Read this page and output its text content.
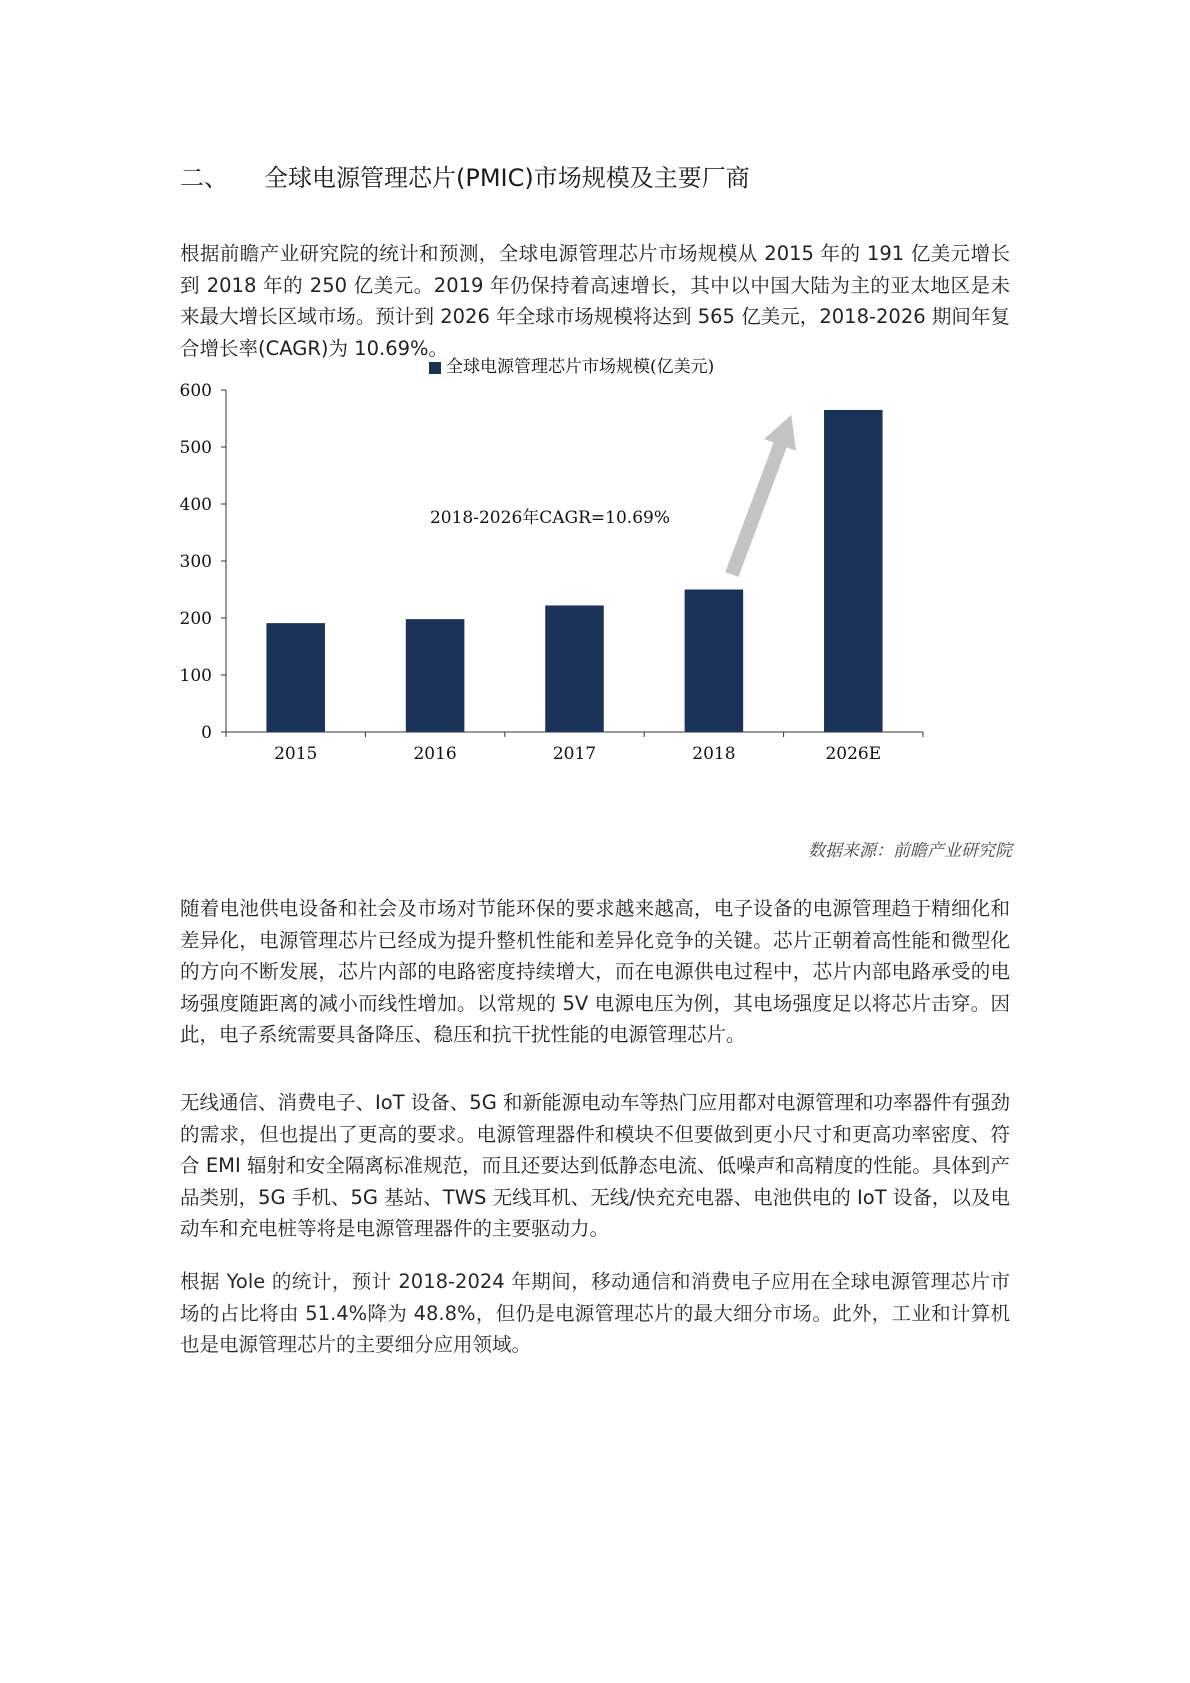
二、	全球电源管理芯片(PMIC)市场规模及主要厂商

根据前瞻产业研究院的统计和预测，全球电源管理芯片市场规模从 2015 年的 191 亿美元增长到 2018 年的 250 亿美元。2019 年仍保持着高速增长，其中以中国大陆为主的亚太地区是未来最大增长区域市场。预计到 2026 年全球市场规模将达到 565 亿美元，2018-2026 期间年复合增长率(CAGR)为 10.69%。

全球电源管理芯片市场规模(亿美元)
0
100
200
300
400
500
600
2015	2016	2017	2018	2026E
2018-2026年CAGR=10.69%
数据来源：前瞻产业研究院

随着电池供电设备和社会及市场对节能环保的要求越来越高，电子设备的电源管理趋于精细化和差异化，电源管理芯片已经成为提升整机性能和差异化竞争的关键。芯片正朝着高性能和微型化的方向不断发展，芯片内部的电路密度持续增大，而在电源供电过程中，芯片内部电路承受的电场强度随距离的减小而线性增加。以常规的 5V 电源电压为例，其电场强度足以将芯片击穿。因此，电子系统需要具备降压、稳压和抗干扰性能的电源管理芯片。

无线通信、消费电子、IoT 设备、5G 和新能源电动车等热门应用都对电源管理和功率器件有强劲的需求，但也提出了更高的要求。电源管理器件和模块不但要做到更小尺寸和更高功率密度、符合 EMI 辐射和安全隔离标准规范，而且还要达到低静态电流、低噪声和高精度的性能。具体到产品类别，5G 手机、5G 基站、TWS 无线耳机、无线/快充充电器、电池供电的 IoT 设备，以及电动车和充电桩等将是电源管理器件的主要驱动力。

根据 Yole 的统计，预计 2018-2024 年期间，移动通信和消费电子应用在全球电源管理芯片市场的占比将由 51.4%降为 48.8%，但仍是电源管理芯片的最大细分市场。此外，工业和计算机也是电源管理芯片的主要细分应用领域。
